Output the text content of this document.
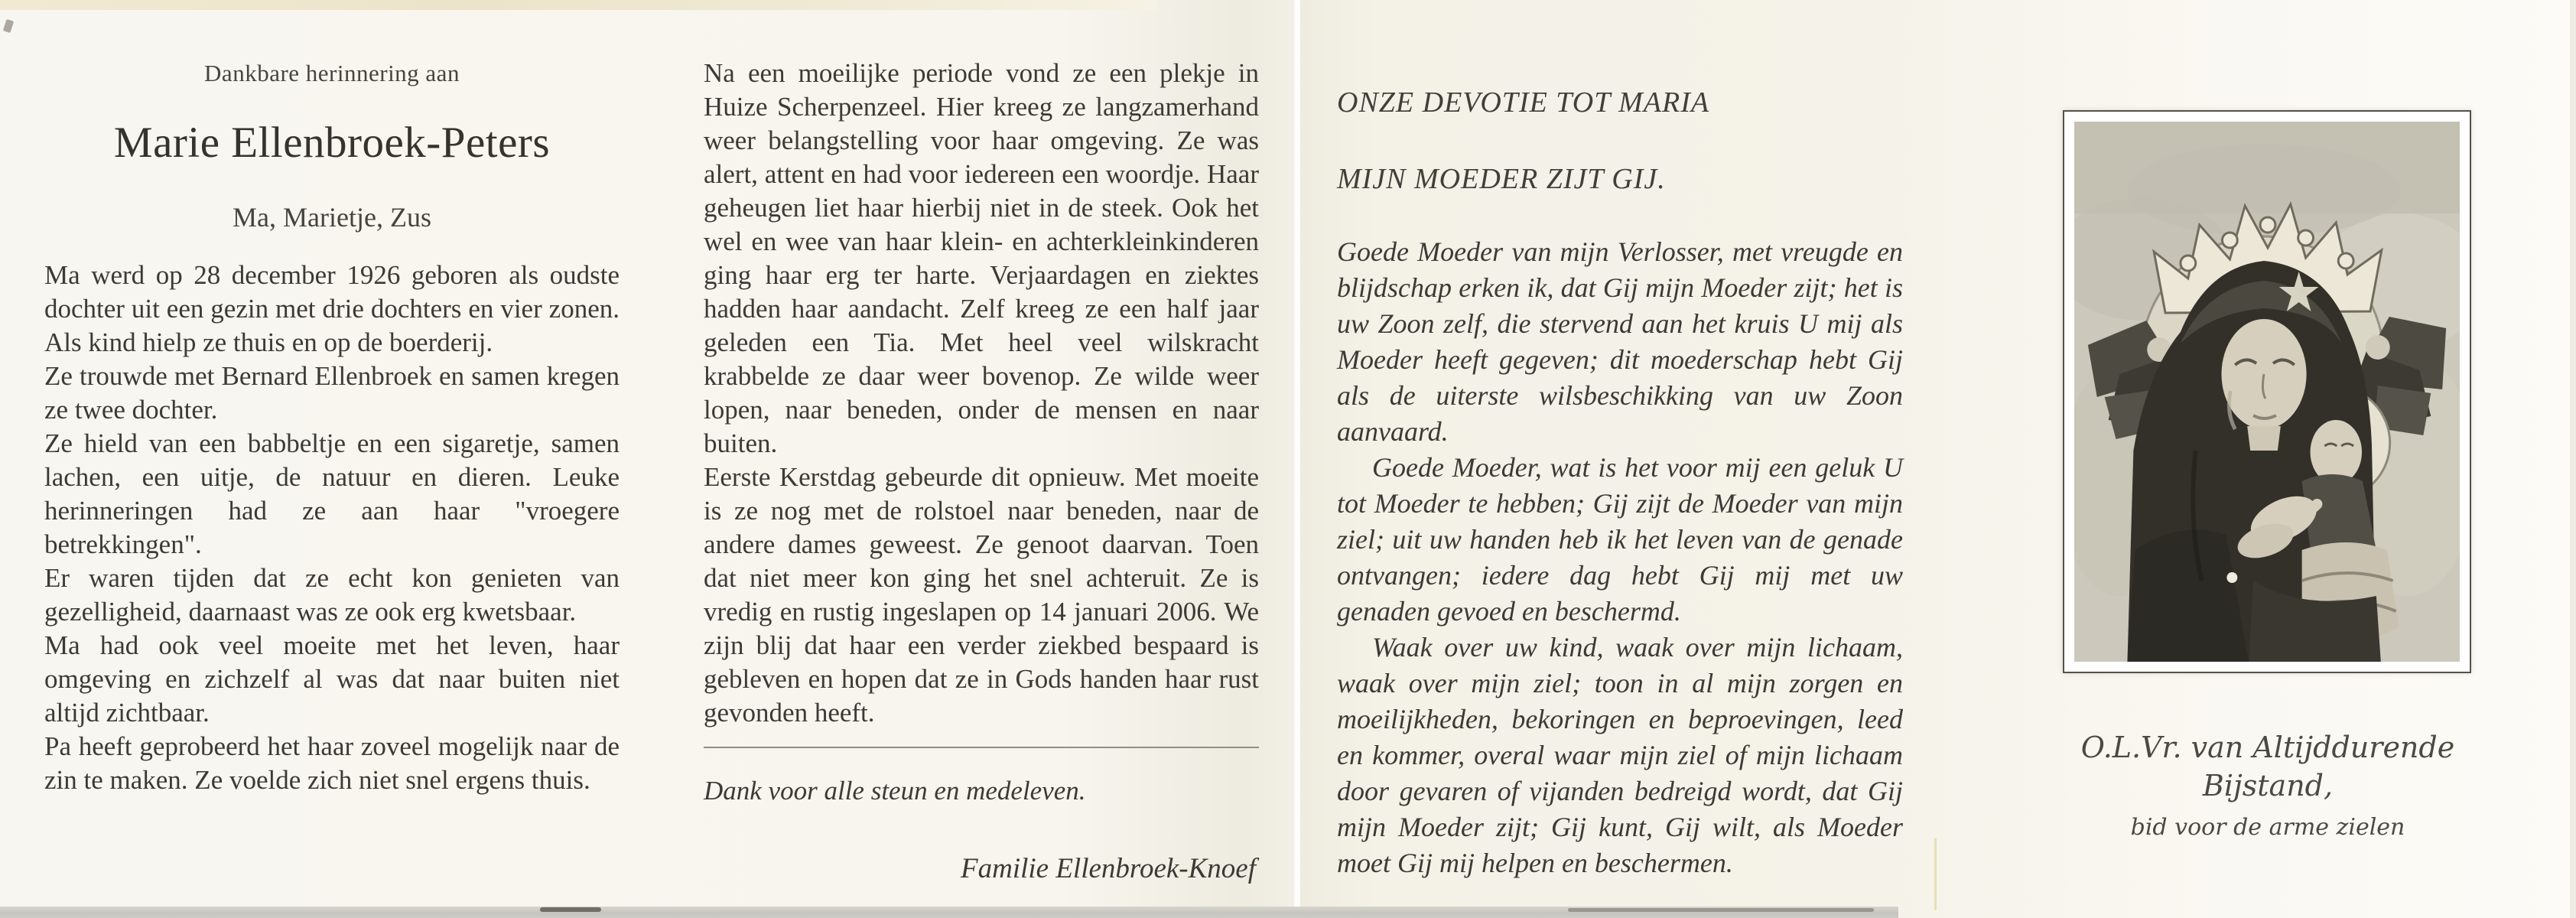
Dankbare herinnering aan
Marie Ellenbroek-Peters
Ma, Marietje, Zus

Ma werd op 28 december 1926 geboren als oudste dochter uit een gezin met drie dochters en vier zonen. Als kind hielp ze thuis en op de boerderij.

Ze trouwde met Bernard Ellenbroek en samen kregen ze twee dochter.

Ze hield van een babbeltje en een sigaretje, samen lachen, een uitje, de natuur en dieren. Leuke herinneringen had ze aan haar "vroegere betrekkingen".

Er waren tijden dat ze echt kon genieten van gezelligheid, daarnaast was ze ook erg kwetsbaar.

Ma had ook veel moeite met het leven, haar omgeving en zichzelf al was dat naar buiten niet altijd zichtbaar.

Pa heeft geprobeerd het haar zoveel mogelijk naar de zin te maken. Ze voelde zich niet snel ergens thuis.

Na een moeilijke periode vond ze een plekje in Huize Scherpenzeel. Hier kreeg ze langzamerhand weer belangstelling voor haar omgeving. Ze was alert, attent en had voor iedereen een woordje. Haar geheugen liet haar hierbij niet in de steek. Ook het wel en wee van haar klein- en achterkleinkinderen ging haar erg ter harte. Verjaardagen en ziektes hadden haar aandacht. Zelf kreeg ze een half jaar geleden een Tia. Met heel veel wilskracht krabbelde ze daar weer bovenop. Ze wilde weer lopen, naar beneden, onder de mensen en naar buiten.

Eerste Kerstdag gebeurde dit opnieuw. Met moeite is ze nog met de rolstoel naar beneden, naar de andere dames geweest. Ze genoot daarvan. Toen dat niet meer kon ging het snel achteruit. Ze is vredig en rustig ingeslapen op 14 januari 2006. We zijn blij dat haar een verder ziekbed bespaard is gebleven en hopen dat ze in Gods handen haar rust gevonden heeft.

Dank voor alle steun en medeleven.
Familie Ellenbroek-Knoef
ONZE DEVOTIE TOT MARIA
MIJN MOEDER ZIJT GIJ.

Goede Moeder van mijn Verlosser, met vreugde en blijdschap erken ik, dat Gij mijn Moeder zijt; het is uw Zoon zelf, die stervend aan het kruis U mij als Moeder heeft gegeven; dit moederschap hebt Gij als de uiterste wilsbeschikking van uw Zoon aanvaard.

Goede Moeder, wat is het voor mij een geluk U tot Moeder te hebben; Gij zijt de Moeder van mijn ziel; uit uw handen heb ik het leven van de genade ontvangen; iedere dag hebt Gij mij met uw genaden gevoed en beschermd.

Waak over uw kind, waak over mijn lichaam, waak over mijn ziel; toon in al mijn zorgen en moeilijkheden, bekoringen en beproevingen, leed en kommer, overal waar mijn ziel of mijn lichaam door gevaren of vijanden bedreigd wordt, dat Gij mijn Moeder zijt; Gij kunt, Gij wilt, als Moeder moet Gij mij helpen en beschermen.

O.L.Vr. van Altijddurende
Bijstand,
bid voor de arme zielen
